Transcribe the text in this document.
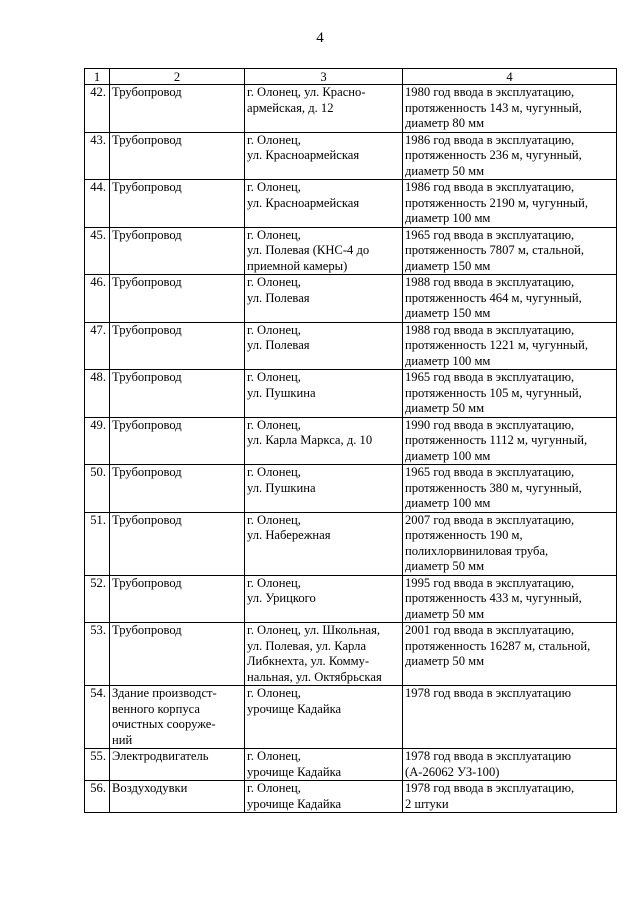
4
1	2	3	4
42.	Трубопровод	г. Олонец, ул. Красно-
армейская, д. 12	1980 год ввода в эксплуатацию,
протяженность 143 м, чугунный,
диаметр 80 мм
43.	Трубопровод	г. Олонец,
ул. Красноармейская	1986 год ввода в эксплуатацию,
протяженность 236 м, чугунный,
диаметр 50 мм
44.	Трубопровод	г. Олонец,
ул. Красноармейская	1986 год ввода в эксплуатацию,
протяженность 2190 м, чугунный,
диаметр 100 мм
45.	Трубопровод	г. Олонец,
ул. Полевая (КНС-4 до
приемной камеры)	1965 год ввода в эксплуатацию,
протяженность 7807 м, стальной,
диаметр 150 мм
46.	Трубопровод	г. Олонец,
ул. Полевая	1988 год ввода в эксплуатацию,
протяженность 464 м, чугунный,
диаметр 150 мм
47.	Трубопровод	г. Олонец,
ул. Полевая	1988 год ввода в эксплуатацию,
протяженность 1221 м, чугунный,
диаметр 100 мм
48.	Трубопровод	г. Олонец,
ул. Пушкина	1965 год ввода в эксплуатацию,
протяженность 105 м, чугунный,
диаметр 50 мм
49.	Трубопровод	г. Олонец,
ул. Карла Маркса, д. 10	1990 год ввода в эксплуатацию,
протяженность 1112 м, чугунный,
диаметр 100 мм
50.	Трубопровод	г. Олонец,
ул. Пушкина	1965 год ввода в эксплуатацию,
протяженность 380 м, чугунный,
диаметр 100 мм
51.	Трубопровод	г. Олонец,
ул. Набережная	2007 год ввода в эксплуатацию,
протяженность 190 м,
полихлорвиниловая труба,
диаметр 50 мм
52.	Трубопровод	г. Олонец,
ул. Урицкого	1995 год ввода в эксплуатацию,
протяженность 433 м, чугунный,
диаметр 50 мм
53.	Трубопровод	г. Олонец, ул. Школьная,
ул. Полевая, ул. Карла
Либкнехта, ул. Комму-
нальная, ул. Октябрьская	2001 год ввода в эксплуатацию,
протяженность 16287 м, стальной,
диаметр 50 мм
54.	Здание производст-
венного корпуса
очистных сооруже-
ний	г. Олонец,
урочище Кадайка	1978 год ввода в эксплуатацию
55.	Электродвигатель	г. Олонец,
урочище Кадайка	1978 год ввода в эксплуатацию
(А-26062 УЗ-100)
56.	Воздуходувки	г. Олонец,
урочище Кадайка	1978 год ввода в эксплуатацию,
2 штуки
